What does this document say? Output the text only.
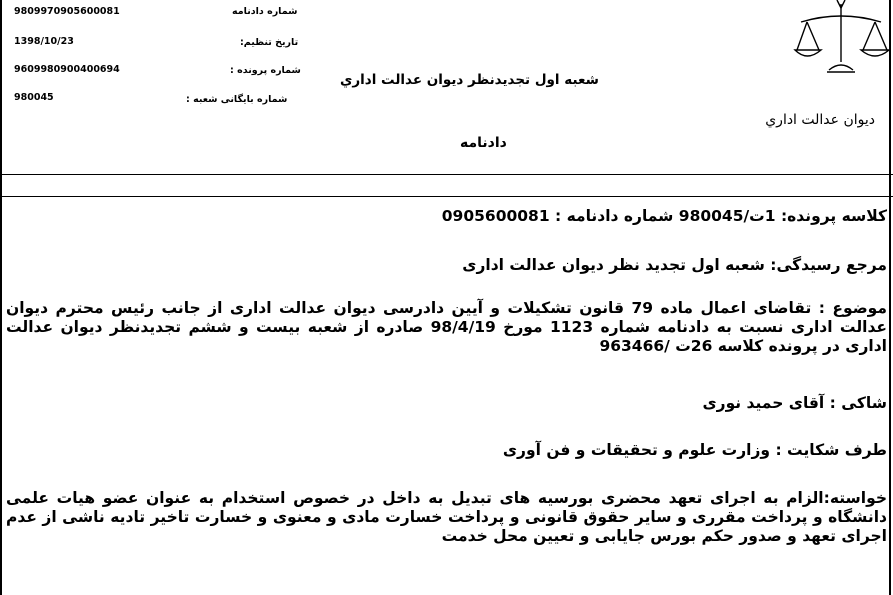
9809970905600081	شماره دادنامه
1398/10/23	تاریخ تنظیم:
9609980900400694	شماره پرونده :
980045	شماره بایگانی شعبه :
شعبه اول تجدیدنظر دیوان عدالت اداري
دیوان عدالت اداري
دادنامه
کلاسه پرونده: 1ت/980045 شماره دادنامه : 0905600081
مرجع رسیدگی: شعبه اول تجدید نظر دیوان عدالت اداری
موضوع : تقاضای اعمال ماده 79 قانون تشکیلات و آیین دادرسی دیوان عدالت اداری از جانب رئیس محترم دیوان عدالت اداری نسبت به دادنامه شماره 1123 مورخ 98/4/19 صادره از شعبه بیست و ششم تجدیدنظر دیوان عدالت اداری در پرونده کلاسه 26ت /963466
شاکی : آقای حمید نوری
طرف شکایت : وزارت علوم و تحقیقات و فن آوری
خواسته:الزام به اجرای تعهد محضری بورسیه های تبدیل به داخل در خصوص استخدام به عنوان عضو هیات علمی دانشگاه و پرداخت مقرری و سایر حقوق قانونی و پرداخت خسارت مادی و معنوی و خسارت تاخیر تادیه ناشی از عدم اجرای تعهد و صدور حکم بورس جایابی و تعیین محل خدمت
